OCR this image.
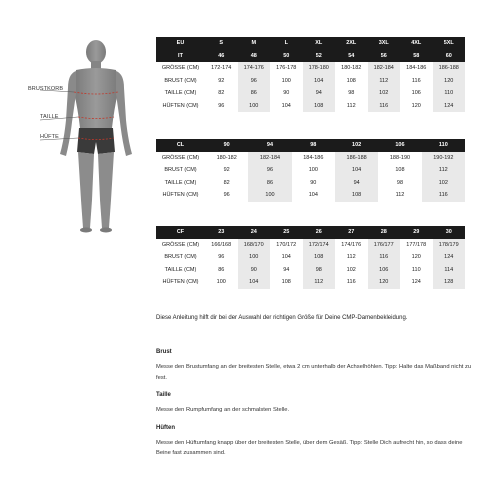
BRUSTKORB
TAILLE
HÜFTE
EU	S	M	L	XL	2XL	3XL	4XL	5XL
IT	46	48	50	52	54	56	58	60
GRÖSSE (CM)	172-174	174-176	176-178	178-180	180-182	182-184	184-186	186-188
BRUST (CM)	92	96	100	104	108	112	116	120
TAILLE (CM)	82	86	90	94	98	102	106	110
HÜFTEN (CM)	96	100	104	108	112	116	120	124
CL	90	94	98	102	106	110
GRÖSSE (CM)	180-182	182-184	184-186	186-188	188-190	190-192
BRUST (CM)	92	96	100	104	108	112
TAILLE (CM)	82	86	90	94	98	102
HÜFTEN (CM)	96	100	104	108	112	116
CF	23	24	25	26	27	28	29	30
GRÖSSE (CM)	166/168	168/170	170/172	172/174	174/176	176/177	177/178	178/179
BRUST (CM)	96	100	104	108	112	116	120	124
TAILLE (CM)	86	90	94	98	102	106	110	114
HÜFTEN (CM)	100	104	108	112	116	120	124	128

Diese Anleitung hilft dir bei der Auswahl der richtigen Größe für Deine CMP-Damenbekleidung.

Brust

Messe den Brustumfang an der breitesten Stelle, etwa 2 cm unterhalb der Achselhöhlen. Tipp: Halte das Maßband nicht zu fest.

Taille

Messe den Rumpfumfang an der schmalsten Stelle.

Hüften

Messe den Hüftumfang knapp über der breitesten Stelle, über dem Gesäß. Tipp: Stelle Dich aufrecht hin, so dass deine Beine fast zusammen sind.
